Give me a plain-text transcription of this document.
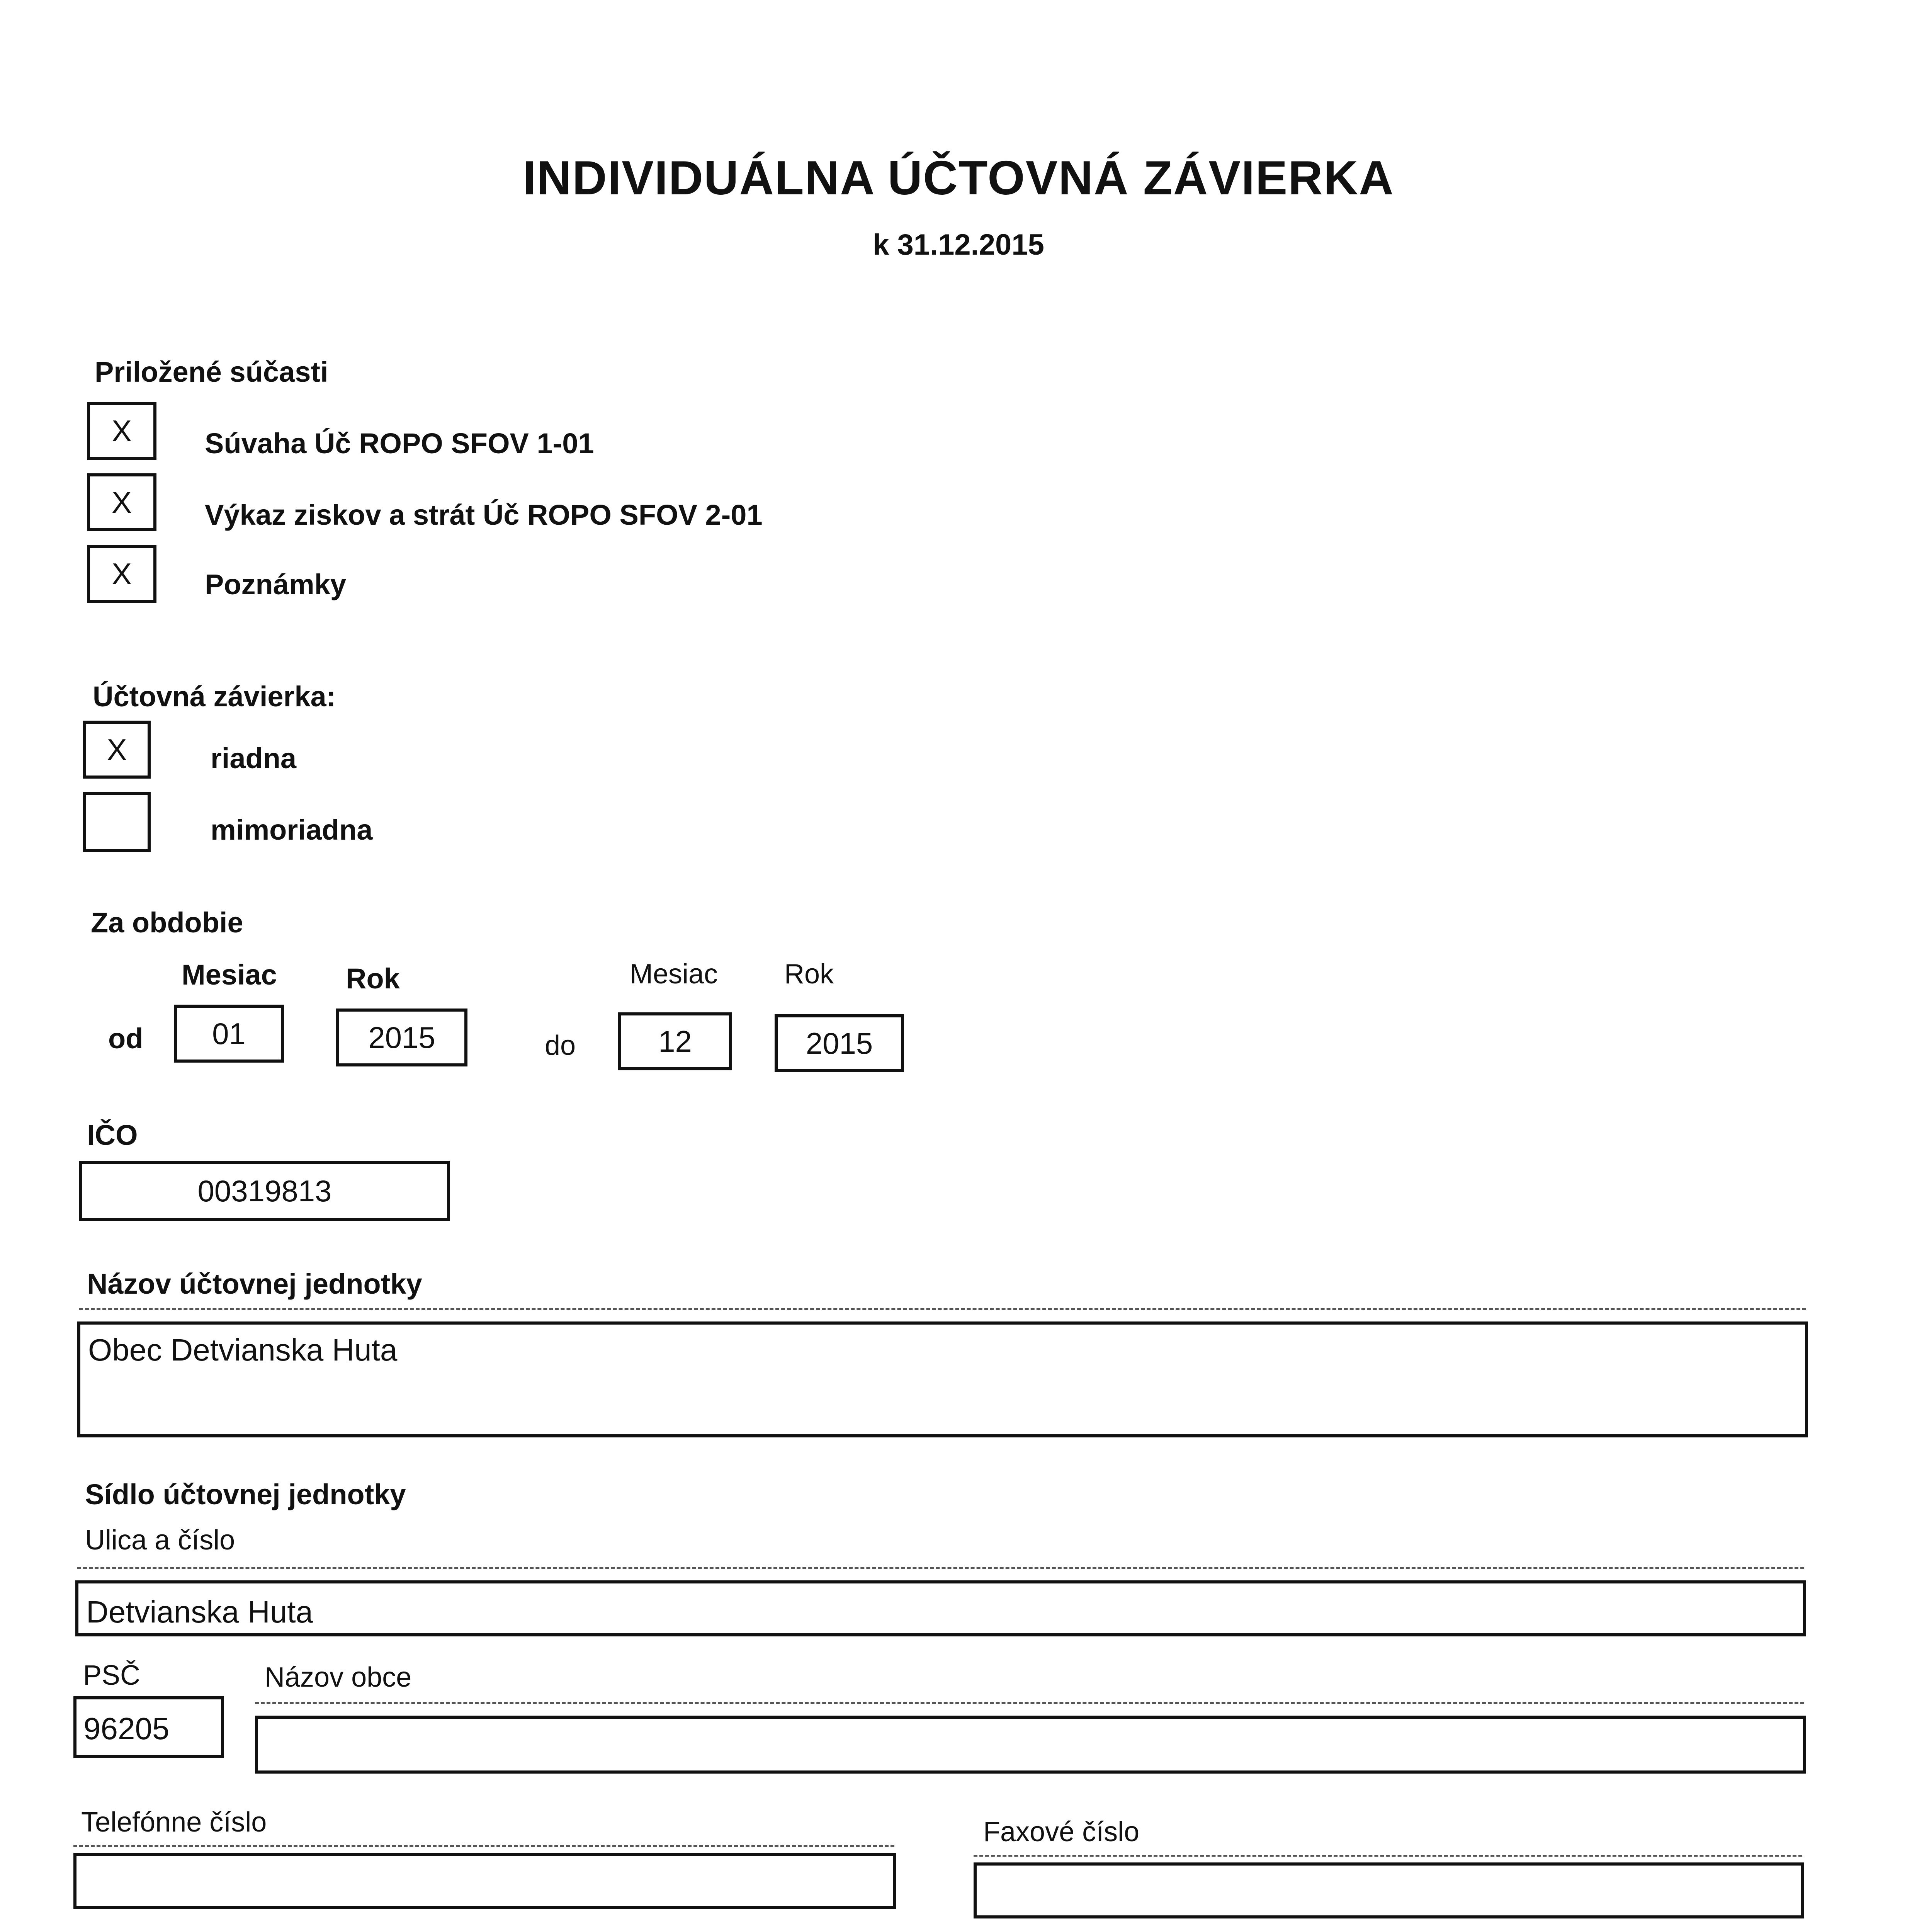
INDIVIDUÁLNA ÚČTOVNÁ ZÁVIERKA
k 31.12.2015
Priložené súčasti
X	Súvaha Úč ROPO SFOV 1-01
X	Výkaz ziskov a strát Úč ROPO SFOV 2-01
X	Poznámky
Účtovná závierka:
X	riadna
mimoriadna
Za obdobie
Mesiac Rok	Mesiac Rok
od	01	2015	do	12	2015
IČO
00319813
Názov účtovnej jednotky
Obec Detvianska Huta
Sídlo účtovnej jednotky
Ulica a číslo
Detvianska Huta
PSČ
96205
Názov obce
Telefónne číslo	Faxové číslo
